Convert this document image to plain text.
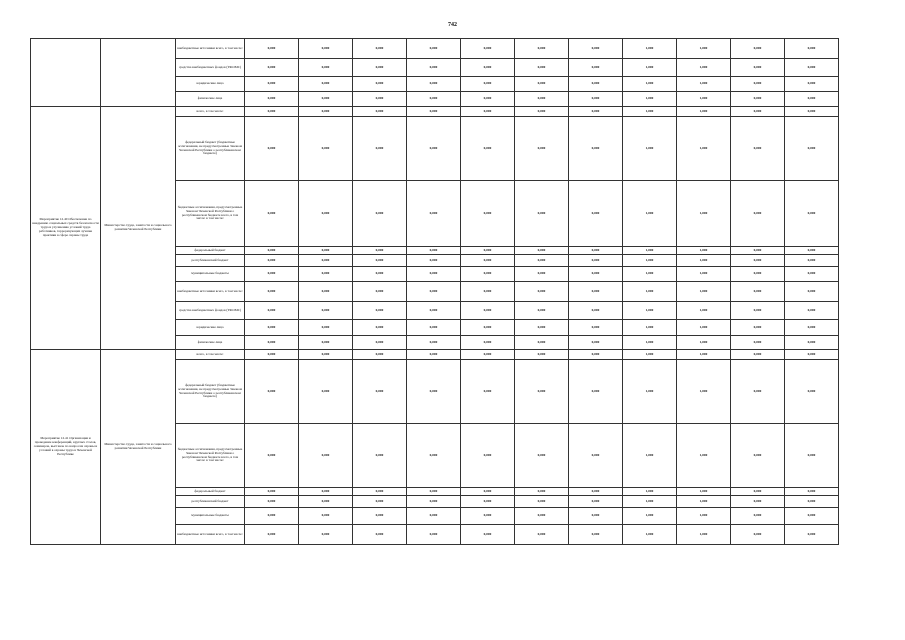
742
		внебюджетные источники всего, в том числе:	0,000	0,000	0,000	0,000	0,000	0,000	0,000	1,000	1,000	0,000	0,000
		средства внебюджетных фондов (ТФОМС)	0,000	0,000	0,000	0,000	0,000	0,000	0,000	1,000	1,000	0,000	0,000
		юридические лица	0,000	0,000	0,000	0,000	0,000	0,000	0,000	1,000	1,000	0,000	0,000
		физические лица	0,000	0,000	0,000	0,000	0,000	0,000	0,000	1,000	1,000	0,000	0,000
Мероприятие 12.40 Обеспечение по внедрению социальных средств безопасности труда и улучшению условий труда работников, терроризующих лучшие практики в сфере охраны труда	Министерство труда, занятости и социального развития Чеченской Республики	всего, в том числе:	0,000	0,000	0,000	0,000	0,000	0,000	0,000	1,000	1,000	0,000	0,000
		федеральный бюджет (бюджетные ассигнования, не предусмотренные Законом Чеченской Республики о республиканском бюджете)	0,000	0,000	0,000	0,000	0,000	0,000	0,000	1,000	1,000	0,000	0,000
		бюджетные ассигнования, предусмотренные Законом Чеченской Республики о республиканском бюджете всего, в том числе: в том числе:	0,000	0,000	0,000	0,000	0,000	0,000	0,000	1,000	1,000	0,000	0,000
		федеральный бюджет	0,000	0,000	0,000	0,000	0,000	0,000	0,000	1,000	1,000	0,000	0,000
		республиканский бюджет	0,000	0,000	0,000	0,000	0,000	0,000	0,000	1,000	1,000	0,000	0,000
		муниципальные бюджеты	0,000	0,000	0,000	0,000	0,000	0,000	0,000	1,000	1,000	0,000	0,000
		внебюджетные источники всего, в том числе:	0,000	0,000	0,000	0,000	0,000	0,000	0,000	1,000	1,000	0,000	0,000
		средства внебюджетных фондов (ТФОМС)	0,000	0,000	0,000	0,000	0,000	0,000	0,000	1,000	1,000	0,000	0,000
		юридические лица	0,000	0,000	0,000	0,000	0,000	0,000	0,000	1,000	1,000	0,000	0,000
		физические лица	0,000	0,000	0,000	0,000	0,000	0,000	0,000	1,000	1,000	0,000	0,000
Мероприятие 12.41 Организация и проведение конференций, круглых столов, семинаров, выставок по вопросам охраны и условий в охраны труда в Чеченской Республике	Министерство труда, занятости и социального развития Чеченской Республики	всего, в том числе:	0,000	0,000	0,000	0,000	0,000	0,000	0,000	1,000	1,000	0,000	0,000
		федеральный бюджет (бюджетные ассигнования, не предусмотренные Законом Чеченской Республики о республиканском бюджете)	0,000	0,000	0,000	0,000	0,000	0,000	0,000	1,000	1,000	0,000	0,000
		бюджетные ассигнования, предусмотренные Законом Чеченской Республики о республиканском бюджете всего, в том числе: в том числе:	0,000	0,000	0,000	0,000	0,000	0,000	0,000	1,000	1,000	0,000	0,000
		федеральный бюджет	0,000	0,000	0,000	0,000	0,000	0,000	0,000	1,000	1,000	0,000	0,000
		республиканский бюджет	0,000	0,000	0,000	0,000	0,000	0,000	0,000	1,000	1,000	0,000	0,000
		муниципальные бюджеты	0,000	0,000	0,000	0,000	0,000	0,000	0,000	1,000	1,000	0,000	0,000
		внебюджетные источники всего, в том числе:	0,000	0,000	0,000	0,000	0,000	0,000	0,000	1,000	1,000	0,000	0,000
